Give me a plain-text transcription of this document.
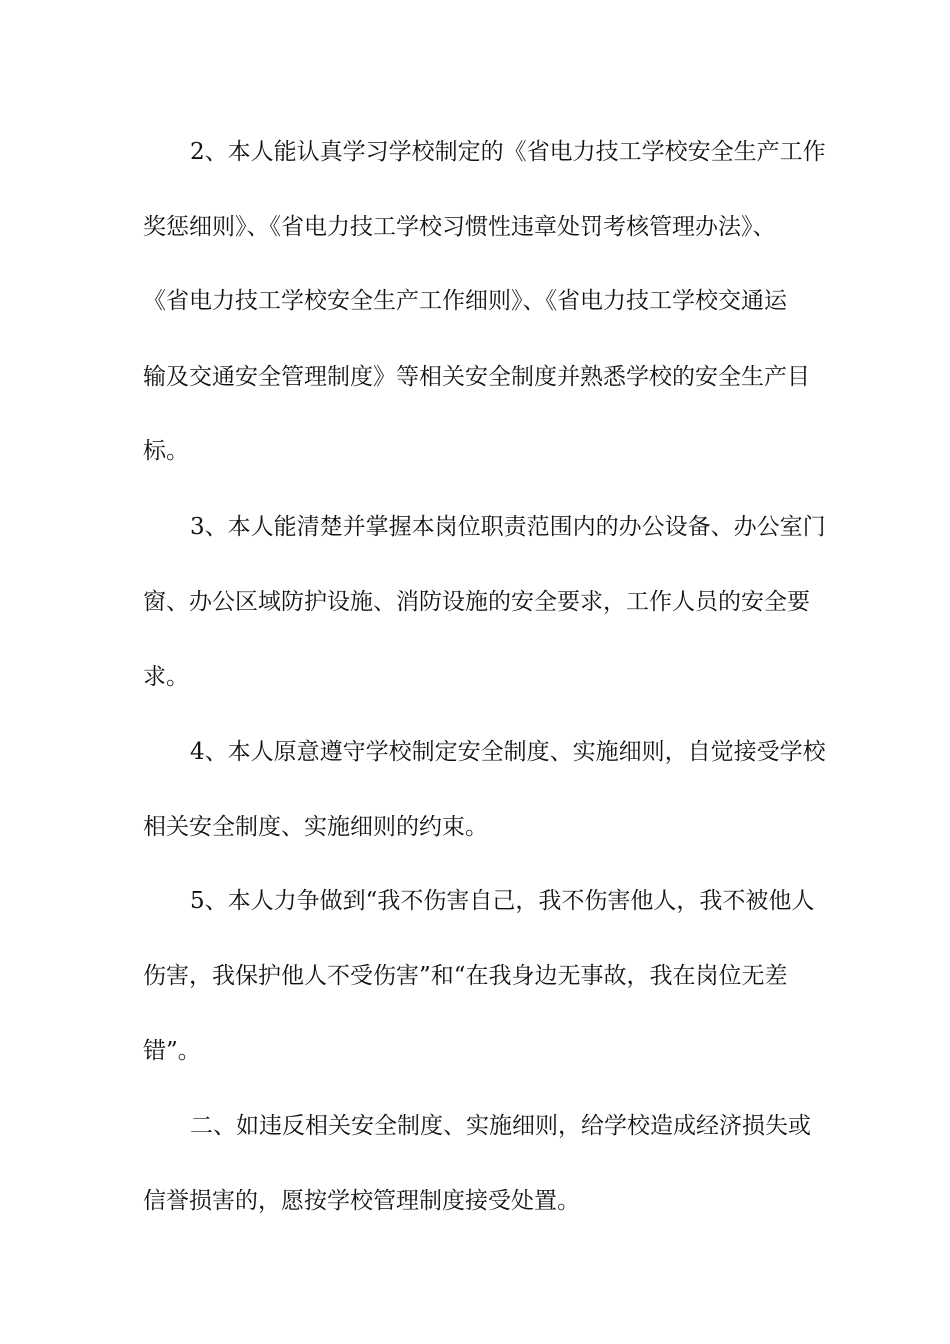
2、本人能认真学习学校制定的《省电力技工学校安全生产工作
奖惩细则》、《省电力技工学校习惯性违章处罚考核管理办法》、
《省电力技工学校安全生产工作细则》、《省电力技工学校交通运
输及交通安全管理制度》等相关安全制度并熟悉学校的安全生产目
标。
3、本人能清楚并掌握本岗位职责范围内的办公设备、办公室门
窗、办公区域防护设施、消防设施的安全要求，工作人员的安全要
求。
4、本人原意遵守学校制定安全制度、实施细则，自觉接受学校
相关安全制度、实施细则的约束。
5、本人力争做到“我不伤害自己，我不伤害他人，我不被他人
伤害，我保护他人不受伤害”和“在我身边无事故，我在岗位无差
错”。
二、如违反相关安全制度、实施细则，给学校造成经济损失或
信誉损害的，愿按学校管理制度接受处置。
